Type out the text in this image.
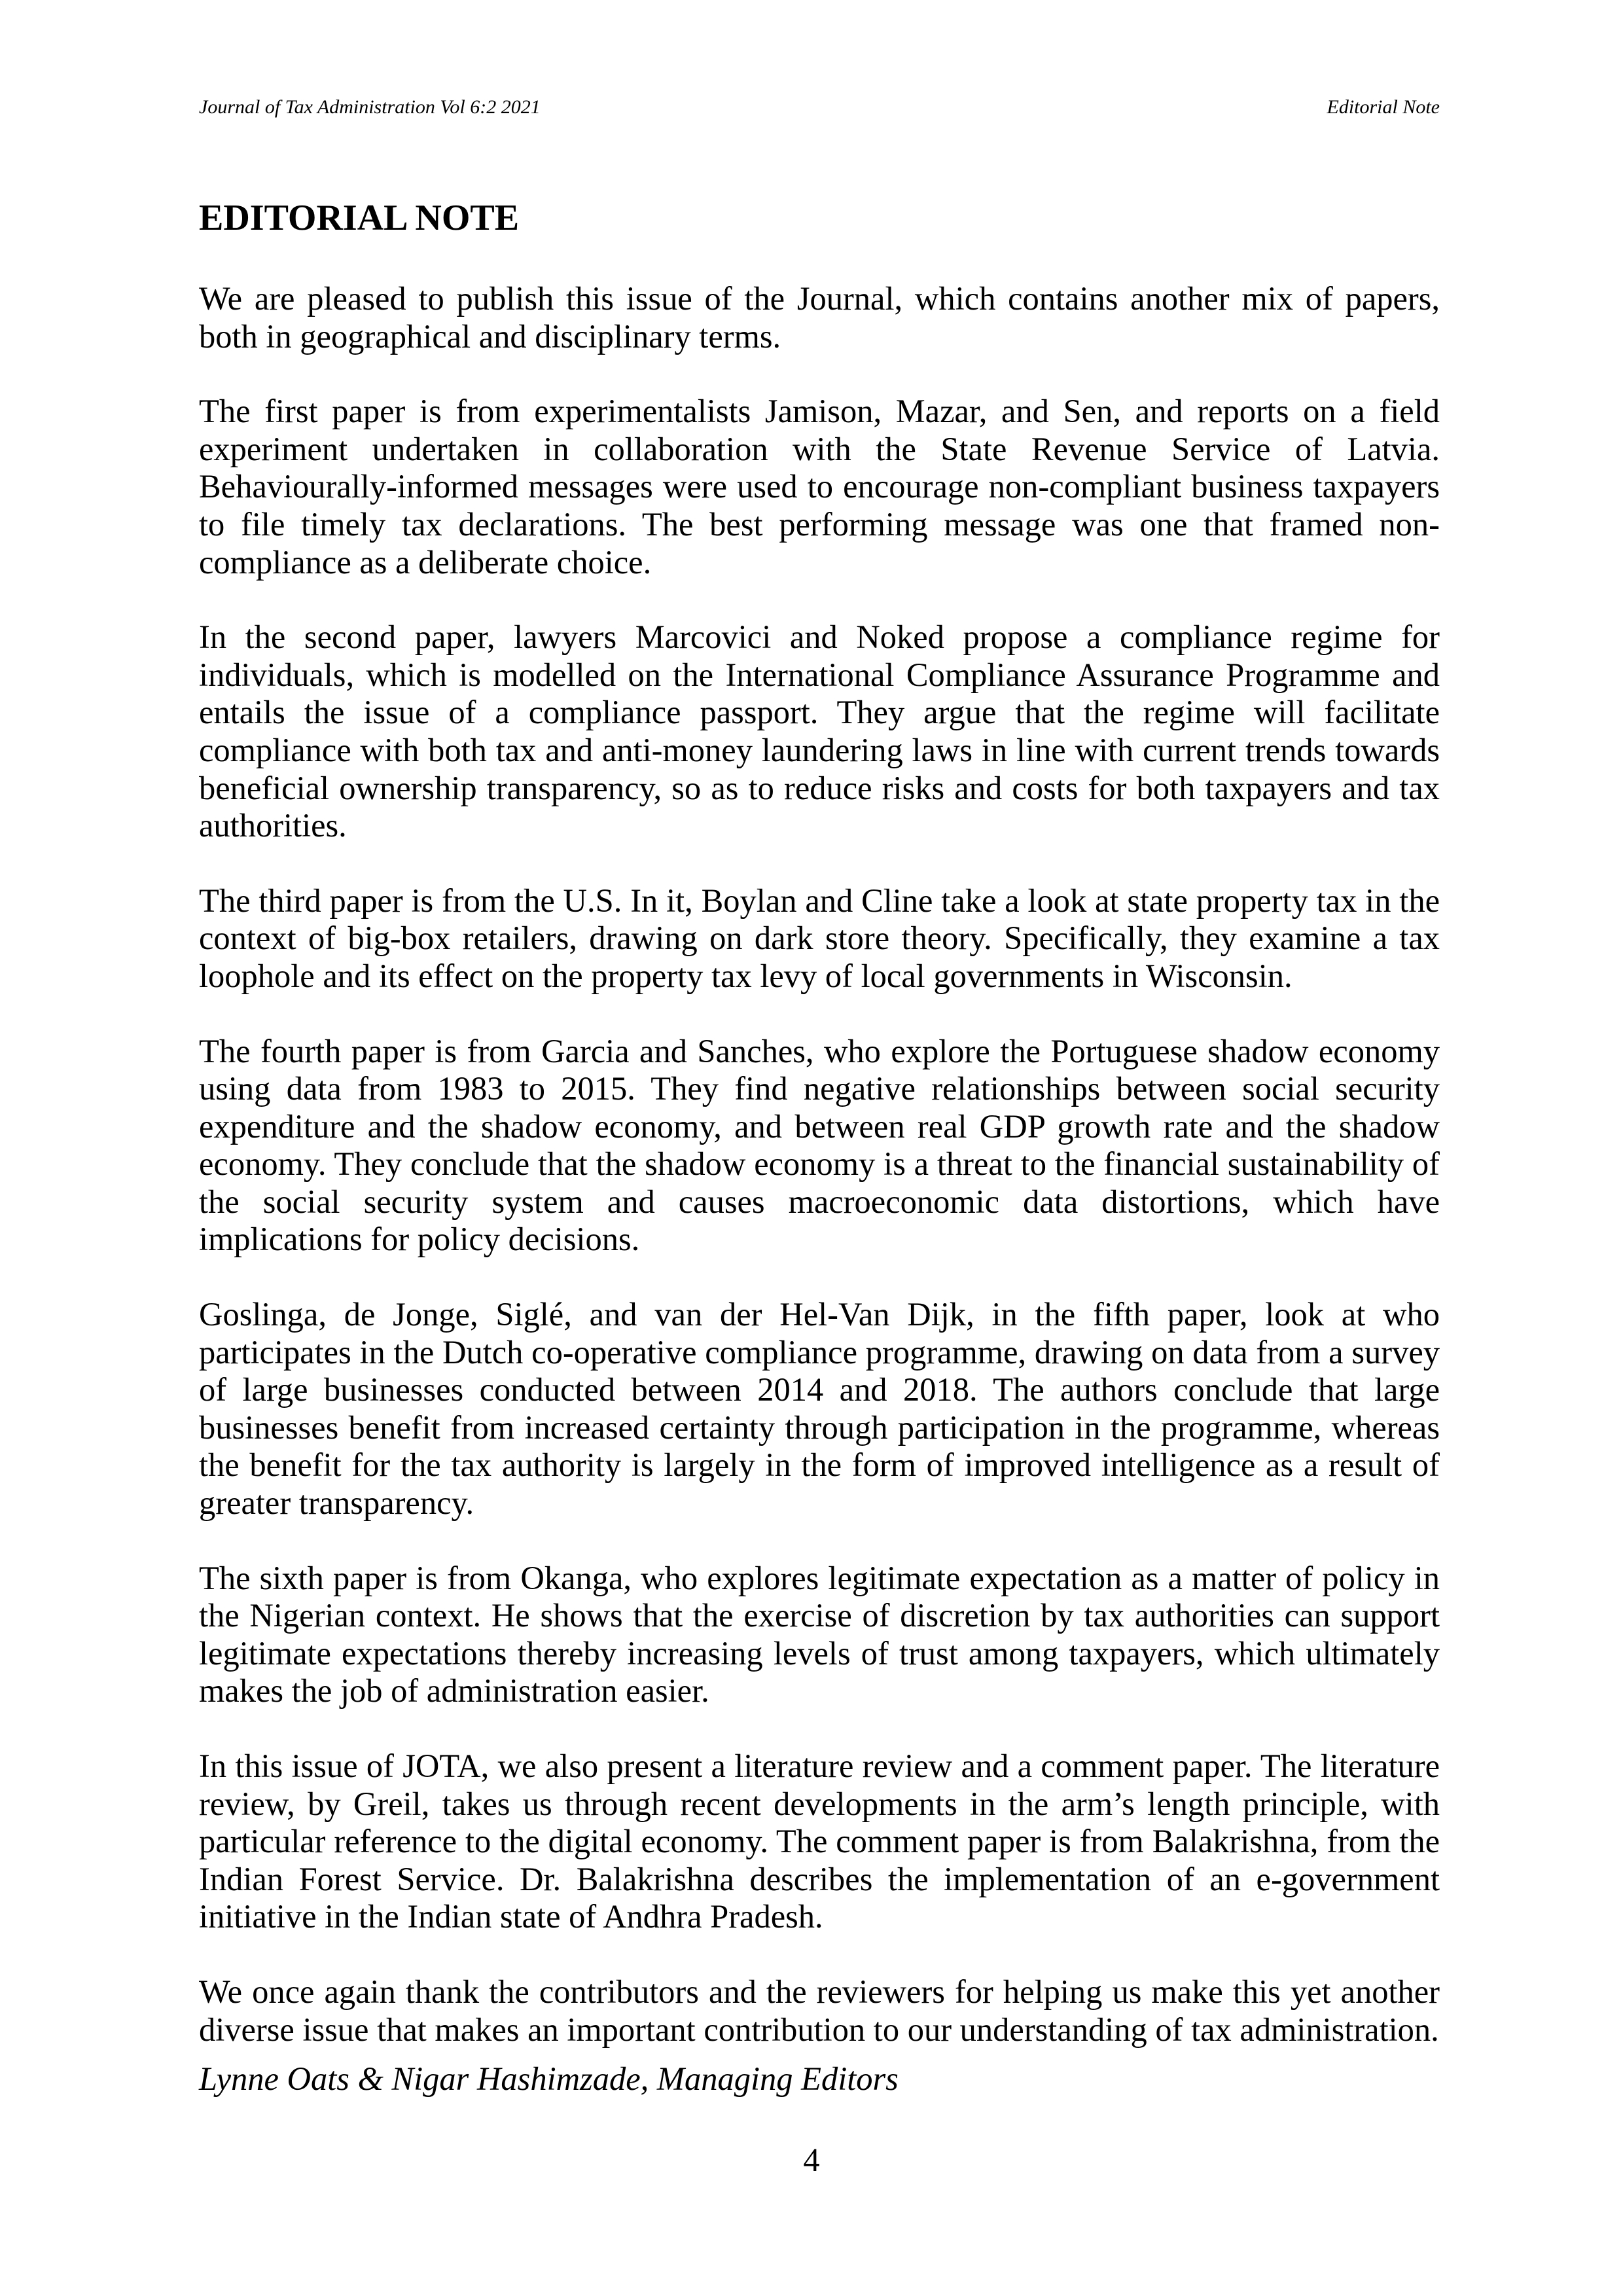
Journal of Tax Administration Vol 6:2 2021	Editorial Note
EDITORIAL NOTE

We are pleased to publish this issue of the Journal, which contains another mix of papers, both in geographical and disciplinary terms.

The first paper is from experimentalists Jamison, Mazar, and Sen, and reports on a field experiment undertaken in collaboration with the State Revenue Service of Latvia. Behaviourally-informed messages were used to encourage non-compliant business taxpayers to file timely tax declarations. The best performing message was one that framed non-compliance as a deliberate choice.

In the second paper, lawyers Marcovici and Noked propose a compliance regime for individuals, which is modelled on the International Compliance Assurance Programme and entails the issue of a compliance passport. They argue that the regime will facilitate compliance with both tax and anti-money laundering laws in line with current trends towards beneficial ownership transparency, so as to reduce risks and costs for both taxpayers and tax authorities.

The third paper is from the U.S. In it, Boylan and Cline take a look at state property tax in the context of big-box retailers, drawing on dark store theory. Specifically, they examine a tax loophole and its effect on the property tax levy of local governments in Wisconsin.

The fourth paper is from Garcia and Sanches, who explore the Portuguese shadow economy using data from 1983 to 2015. They find negative relationships between social security expenditure and the shadow economy, and between real GDP growth rate and the shadow economy. They conclude that the shadow economy is a threat to the financial sustainability of the social security system and causes macroeconomic data distortions, which have implications for policy decisions.

Goslinga, de Jonge, Siglé, and van der Hel-Van Dijk, in the fifth paper, look at who participates in the Dutch co-operative compliance programme, drawing on data from a survey of large businesses conducted between 2014 and 2018. The authors conclude that large businesses benefit from increased certainty through participation in the programme, whereas the benefit for the tax authority is largely in the form of improved intelligence as a result of greater transparency.

The sixth paper is from Okanga, who explores legitimate expectation as a matter of policy in the Nigerian context. He shows that the exercise of discretion by tax authorities can support legitimate expectations thereby increasing levels of trust among taxpayers, which ultimately makes the job of administration easier.

In this issue of JOTA, we also present a literature review and a comment paper. The literature review, by Greil, takes us through recent developments in the arm’s length principle, with particular reference to the digital economy. The comment paper is from Balakrishna, from the Indian Forest Service. Dr. Balakrishna describes the implementation of an e-government initiative in the Indian state of Andhra Pradesh.

We once again thank the contributors and the reviewers for helping us make this yet another diverse issue that makes an important contribution to our understanding of tax administration.

Lynne Oats & Nigar Hashimzade, Managing Editors
4
